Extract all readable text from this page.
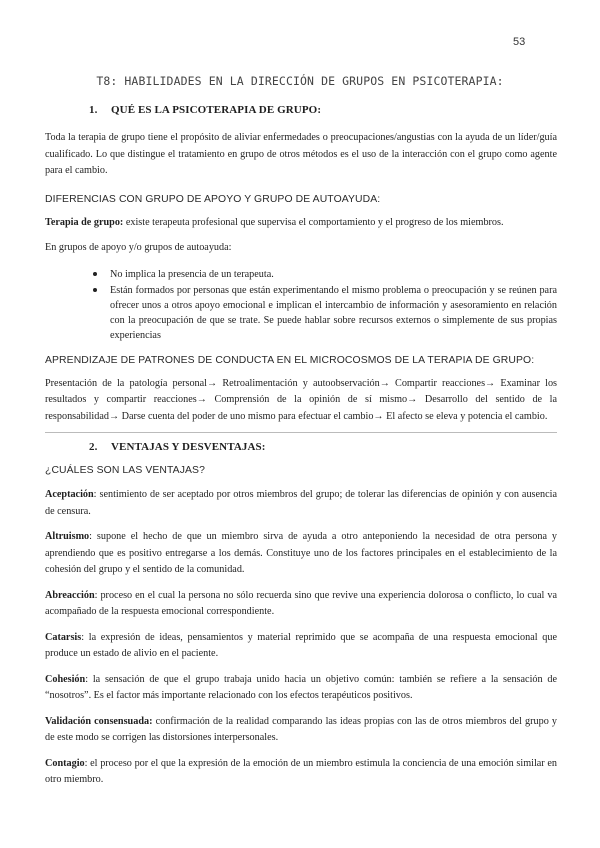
53
T8: HABILIDADES EN LA DIRECCIÓN DE GRUPOS EN PSICOTERAPIA:
1. QUÉ ES LA PSICOTERAPIA DE GRUPO:

Toda la terapia de grupo tiene el propósito de aliviar enfermedades o preocupaciones/angustias con la ayuda de un líder/guía cualificado. Lo que distingue el tratamiento en grupo de otros métodos es el uso de la interacción con el grupo como agente para el cambio.

DIFERENCIAS CON GRUPO DE APOYO Y GRUPO DE AUTOAYUDA:

Terapia de grupo: existe terapeuta profesional que supervisa el comportamiento y el progreso de los miembros.

En grupos de apoyo y/o grupos de autoayuda:

No implica la presencia de un terapeuta.
Están formados por personas que están experimentando el mismo problema o preocupación y se reúnen para ofrecer unos a otros apoyo emocional e implican el intercambio de información y asesoramiento en relación con la preocupación de que se trate. Se puede hablar sobre recursos externos o simplemente de sus propias experiencias
APRENDIZAJE DE PATRONES DE CONDUCTA EN EL MICROCOSMOS DE LA TERAPIA DE GRUPO:

Presentación de la patología personal→ Retroalimentación y autoobservación→ Compartir reacciones→ Examinar los resultados y compartir reacciones→ Comprensión de la opinión de sí mismo→ Desarrollo del sentido de la responsabilidad→ Darse cuenta del poder de uno mismo para efectuar el cambio→ El afecto se eleva y potencia el cambio.

2. VENTAJAS Y DESVENTAJAS:
¿CUÁLES SON LAS VENTAJAS?

Aceptación: sentimiento de ser aceptado por otros miembros del grupo; de tolerar las diferencias de opinión y con ausencia de censura.

Altruismo: supone el hecho de que un miembro sirva de ayuda a otro anteponiendo la necesidad de otra persona y aprendiendo que es positivo entregarse a los demás. Constituye uno de los factores principales en el establecimiento de la cohesión del grupo y el sentido de la comunidad.

Abreacción: proceso en el cual la persona no sólo recuerda sino que revive una experiencia dolorosa o conflicto, lo cual va acompañado de la respuesta emocional correspondiente.

Catarsis: la expresión de ideas, pensamientos y material reprimido que se acompaña de una respuesta emocional que produce un estado de alivio en el paciente.

Cohesión: la sensación de que el grupo trabaja unido hacia un objetivo común: también se refiere a la sensación de “nosotros”. Es el factor más importante relacionado con los efectos terapéuticos positivos.

Validación consensuada: confirmación de la realidad comparando las ideas propias con las de otros miembros del grupo y de este modo se corrigen las distorsiones interpersonales.

Contagio: el proceso por el que la expresión de la emoción de un miembro estimula la conciencia de una emoción similar en otro miembro.
